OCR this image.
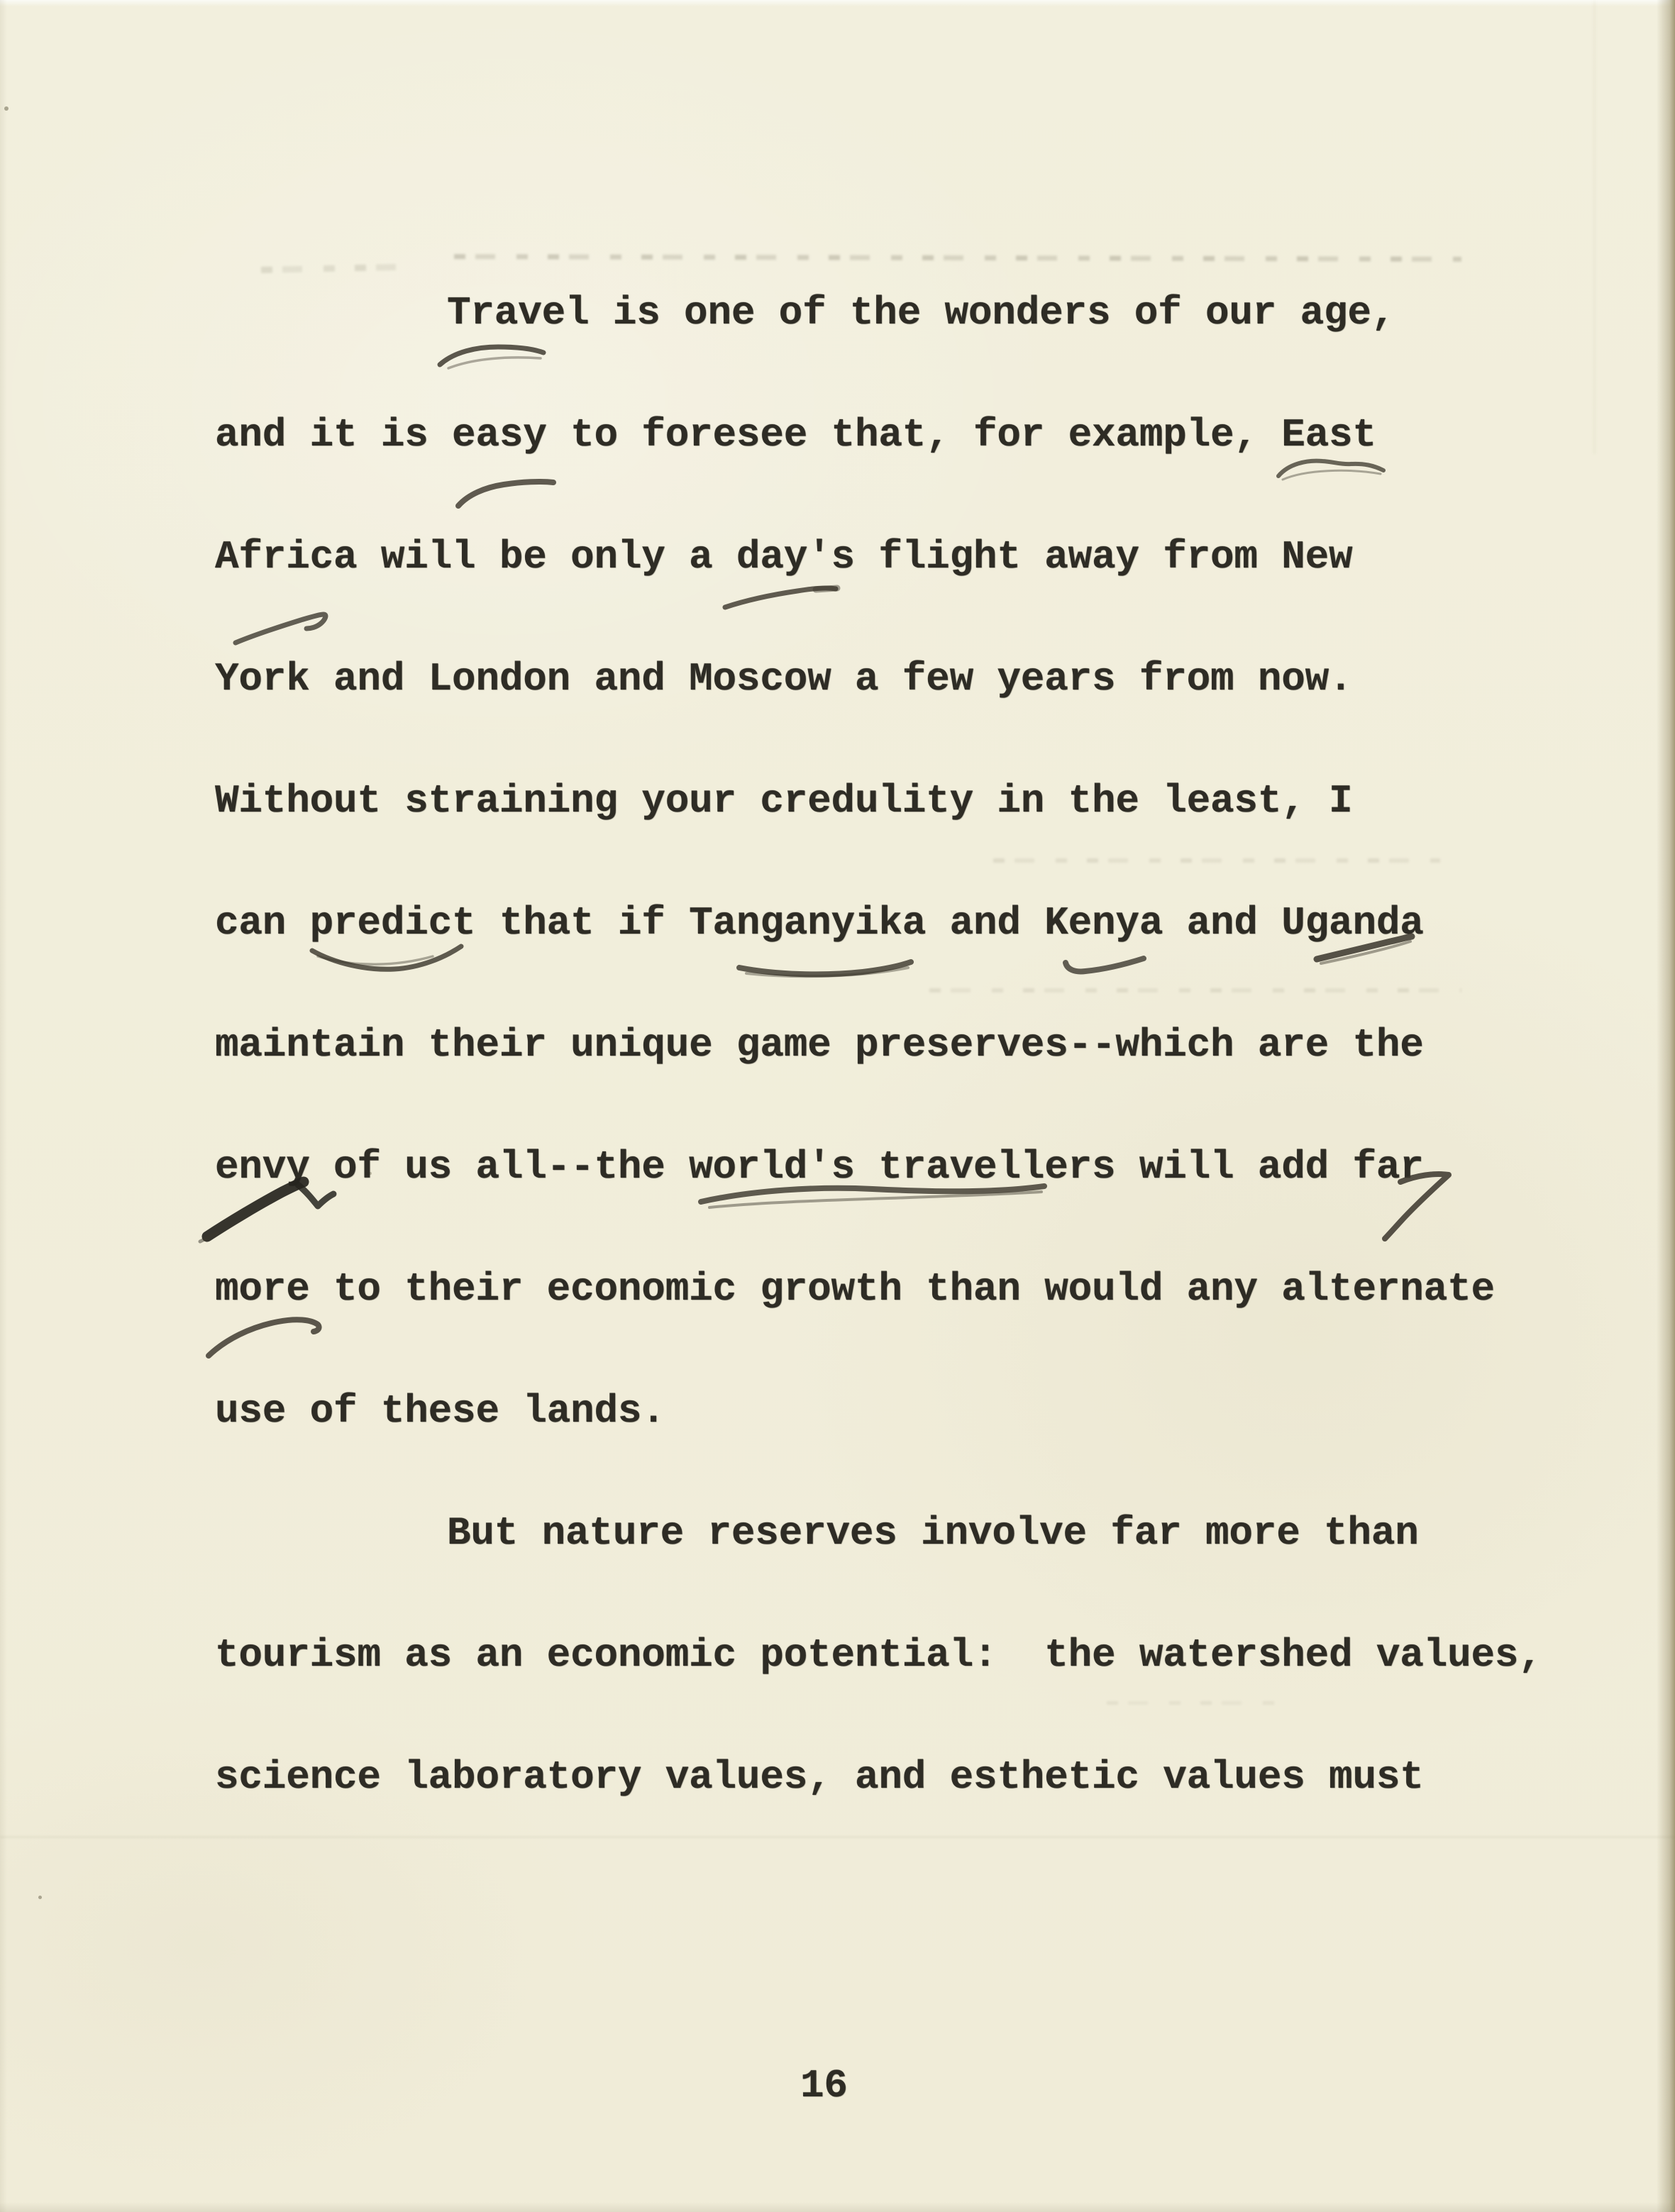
Travel is one of the wonders of our age,
and it is easy to foresee that, for example, East
Africa will be only a day's flight away from New
York and London and Moscow a few years from now.
Without straining your credulity in the least, I
can predict that if Tanganyika and Kenya and Uganda
maintain their unique game preserves--which are the
envy of us all--the world's travellers will add far
more to their economic growth than would any alternate
use of these lands.
But nature reserves involve far more than
tourism as an economic potential:  the watershed values,
science laboratory values, and esthetic values must
16
